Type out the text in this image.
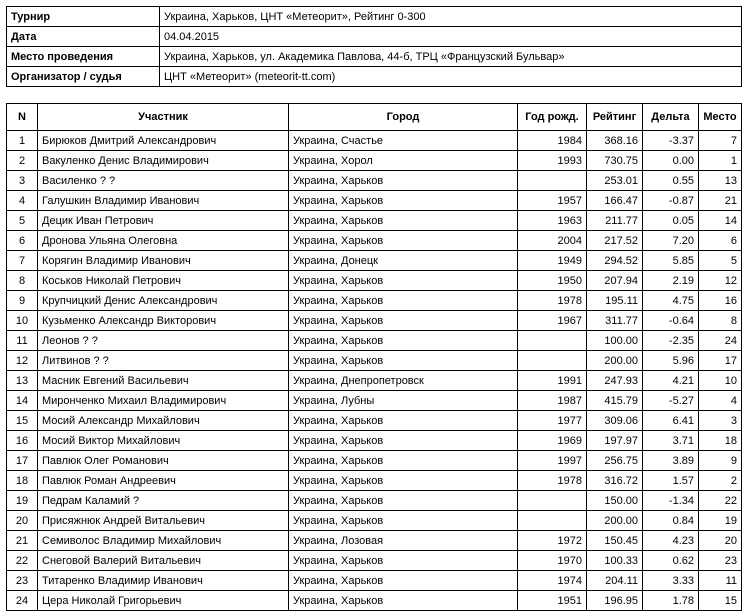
Турнир	Украина, Харьков, ЦНТ «Метеорит», Рейтинг 0-300
Дата	04.04.2015
Место проведения	Украина, Харьков, ул. Академика Павлова, 44-б, ТРЦ «Французский Бульвар»
Организатор / судья	ЦНТ «Метеорит» (meteorit-tt.com)
N	Участник	Город	Год рожд.	Рейтинг	Дельта	Место
1	Бирюков Дмитрий Александрович	Украина, Счастье	1984	368.16	-3.37	7
2	Вакуленко Денис Владимирович	Украина, Хорол	1993	730.75	0.00	1
3	Василенко ? ?	Украина, Харьков		253.01	0.55	13
4	Галушкин Владимир Иванович	Украина, Харьков	1957	166.47	-0.87	21
5	Децик Иван Петрович	Украина, Харьков	1963	211.77	0.05	14
6	Дронова Ульяна Олеговна	Украина, Харьков	2004	217.52	7.20	6
7	Корягин Владимир Иванович	Украина, Донецк	1949	294.52	5.85	5
8	Коськов Николай Петрович	Украина, Харьков	1950	207.94	2.19	12
9	Крупчицкий Денис Александрович	Украина, Харьков	1978	195.11	4.75	16
10	Кузьменко Александр Викторович	Украина, Харьков	1967	311.77	-0.64	8
11	Леонов ? ?	Украина, Харьков		100.00	-2.35	24
12	Литвинов ? ?	Украина, Харьков		200.00	5.96	17
13	Масник Евгений Васильевич	Украина, Днепропетровск	1991	247.93	4.21	10
14	Миронченко Михаил Владимирович	Украина, Лубны	1987	415.79	-5.27	4
15	Мосий Александр Михайлович	Украина, Харьков	1977	309.06	6.41	3
16	Мосий Виктор Михайлович	Украина, Харьков	1969	197.97	3.71	18
17	Павлюк Олег Романович	Украина, Харьков	1997	256.75	3.89	9
18	Павлюк Роман Андреевич	Украина, Харьков	1978	316.72	1.57	2
19	Педрам Каламий ?	Украина, Харьков		150.00	-1.34	22
20	Присяжнюк Андрей Витальевич	Украина, Харьков		200.00	0.84	19
21	Семиволос Владимир Михайлович	Украина, Лозовая	1972	150.45	4.23	20
22	Снеговой Валерий Витальевич	Украина, Харьков	1970	100.33	0.62	23
23	Титаренко Владимир Иванович	Украина, Харьков	1974	204.11	3.33	11
24	Цера Николай Григорьевич	Украина, Харьков	1951	196.95	1.78	15
